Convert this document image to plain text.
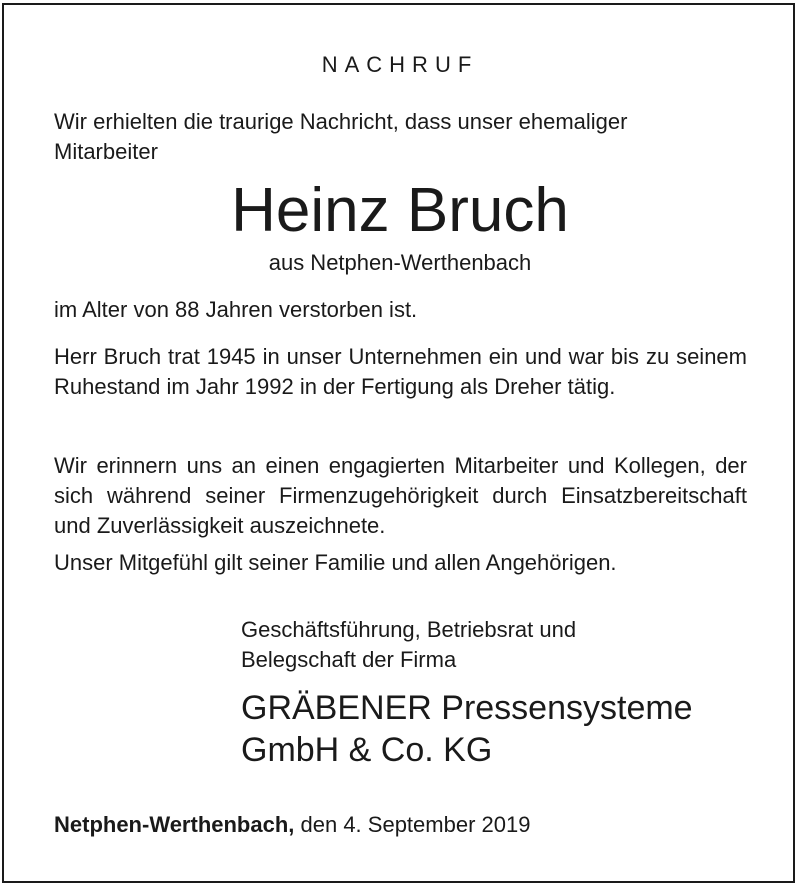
NACHRUF
Wir erhielten die traurige Nachricht, dass unser ehemaliger
Mitarbeiter
Heinz Bruch
aus Netphen-Werthenbach
im Alter von 88 Jahren verstorben ist.
Herr Bruch trat 1945 in unser Unternehmen ein und war bis zu seinem Ruhestand im Jahr 1992 in der Fertigung als Dreher tätig.
Wir erinnern uns an einen engagierten Mitarbeiter und Kollegen, der sich während seiner Firmenzugehörigkeit durch Einsatzbereitschaft und Zuverlässigkeit auszeichnete.
Unser Mitgefühl gilt seiner Familie und allen Angehörigen.
Geschäftsführung, Betriebsrat und
Belegschaft der Firma
GRÄBENER Pressensysteme
GmbH & Co. KG
Netphen-Werthenbach, den 4. September 2019
